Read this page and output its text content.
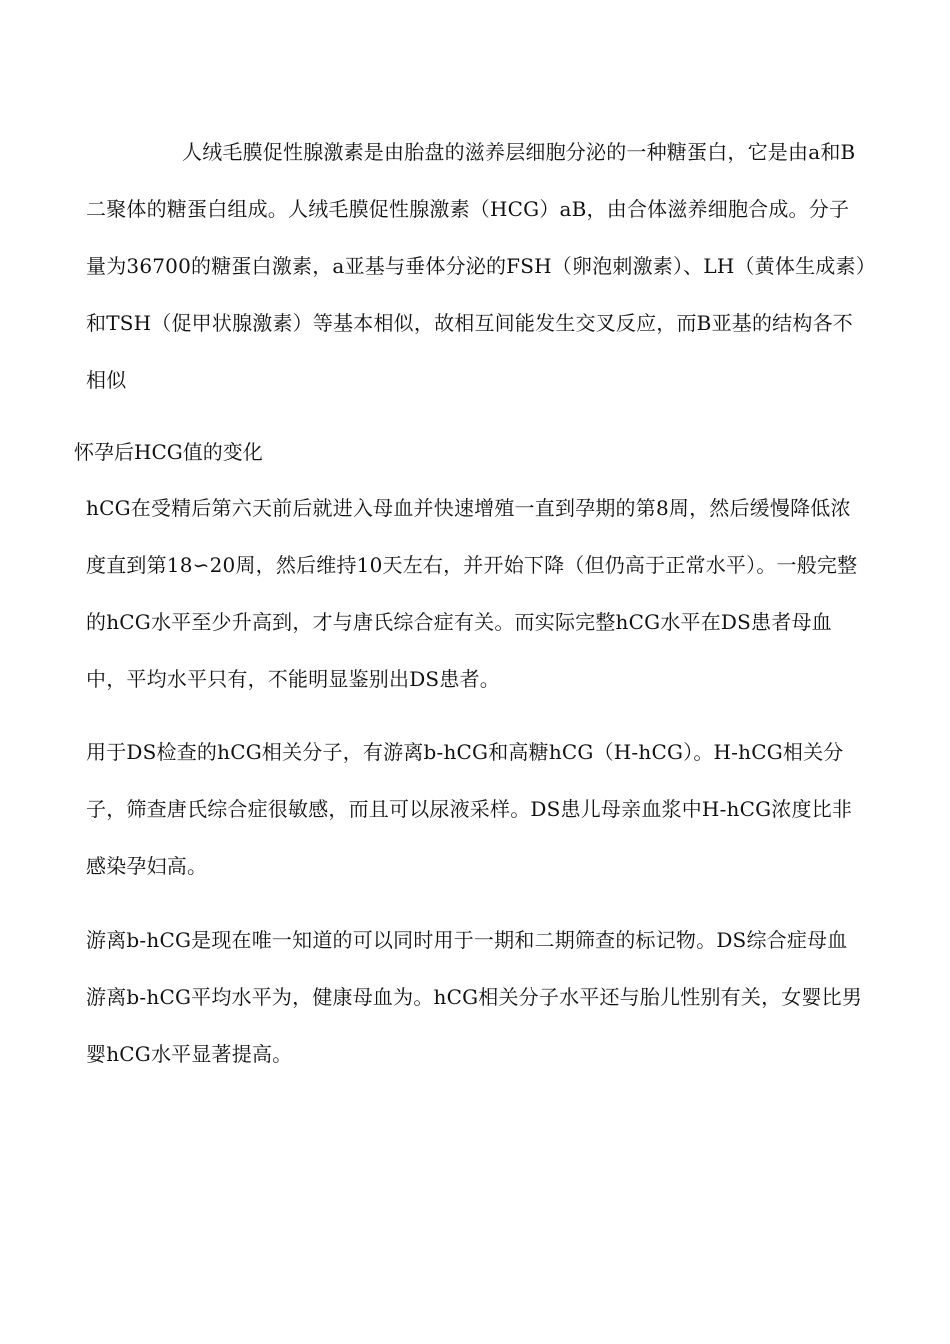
人绒毛膜促性腺激素是由胎盘的滋养层细胞分泌的一种糖蛋白，它是由a和B二聚体的糖蛋白组成。人绒毛膜促性腺激素（HCG）aB，由合体滋养细胞合成。分子量为36700的糖蛋白激素，a亚基与垂体分泌的FSH（卵泡刺激素）、LH（黄体生成素）和TSH（促甲状腺激素）等基本相似，故相互间能发生交叉反应，而B亚基的结构各不相似

怀孕后HCG值的变化

hCG在受精后第六天前后就进入母血并快速增殖一直到孕期的第8周，然后缓慢降低浓度直到第18∽20周，然后维持10天左右，并开始下降（但仍高于正常水平）。一般完整的hCG水平至少升高到，才与唐氏综合症有关。而实际完整hCG水平在DS患者母血中，平均水平只有，不能明显鉴别出DS患者。

用于DS检查的hCG相关分子，有游离b-hCG和高糖hCG（H-hCG）。H-hCG相关分子，筛查唐氏综合症很敏感，而且可以尿液采样。DS患儿母亲血浆中H-hCG浓度比非感染孕妇高。

游离b-hCG是现在唯一知道的可以同时用于一期和二期筛查的标记物。DS综合症母血游离b-hCG平均水平为，健康母血为。hCG相关分子水平还与胎儿性别有关，女婴比男婴hCG水平显著提高。
